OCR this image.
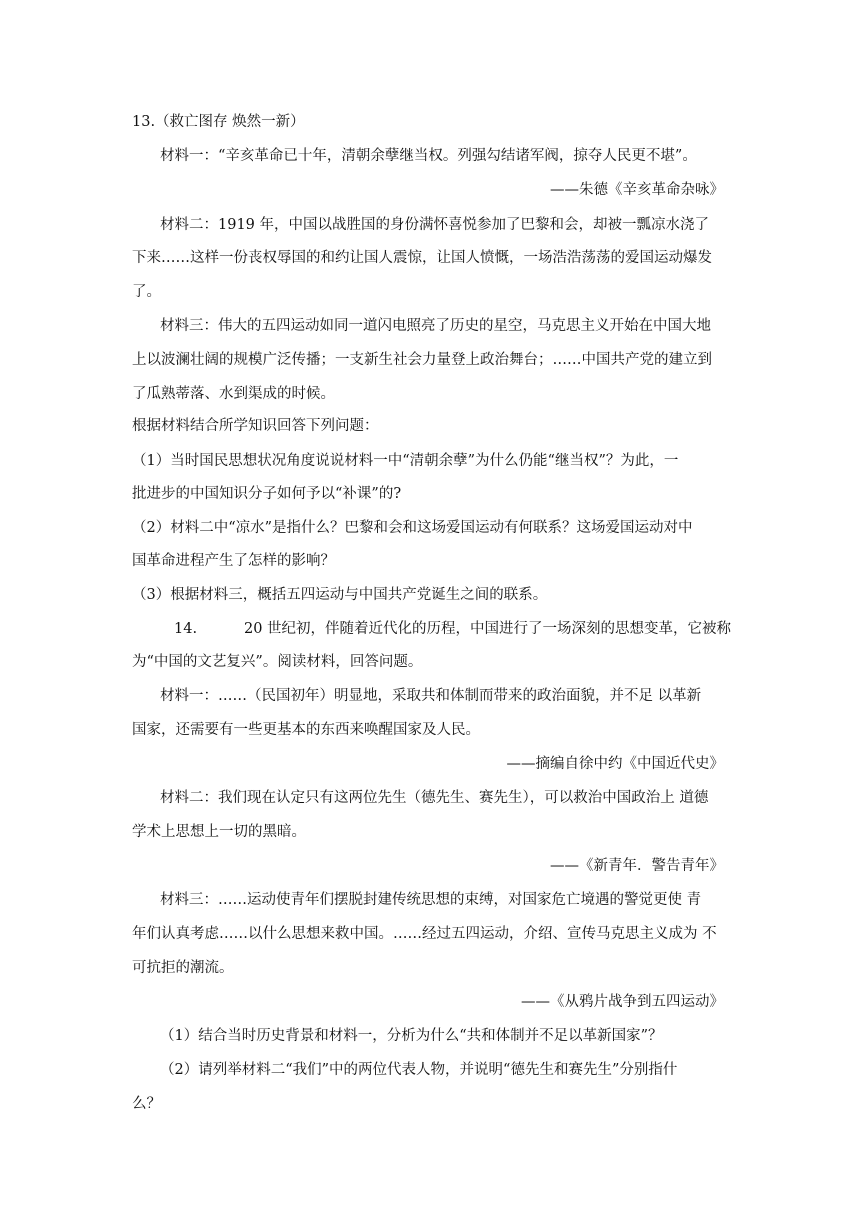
13.（救亡图存 焕然一新）
材料一：“辛亥革命已十年，清朝余孽继当权。列强勾结诸军阀，掠夺人民更不堪”。
——朱德《辛亥革命杂咏》
材料二：1919 年，中国以战胜国的身份满怀喜悦参加了巴黎和会，却被一瓢凉水浇了
下来……这样一份丧权辱国的和约让国人震惊，让国人愤慨，一场浩浩荡荡的爱国运动爆发
了。
材料三：伟大的五四运动如同一道闪电照亮了历史的星空，马克思主义开始在中国大地
上以波澜壮阔的规模广泛传播；一支新生社会力量登上政治舞台；……中国共产党的建立到
了瓜熟蒂落、水到渠成的时候。
根据材料结合所学知识回答下列问题：
（1）当时国民思想状况角度说说材料一中“清朝余孽”为什么仍能“继当权”？为此，一
批进步的中国知识分子如何予以“补课”的?
（2）材料二中“凉水”是指什么？巴黎和会和这场爱国运动有何联系？这场爱国运动对中
国革命进程产生了怎样的影响？
（3）根据材料三，概括五四运动与中国共产党诞生之间的联系。
14.	20 世纪初，伴随着近代化的历程，中国进行了一场深刻的思想变革，它被称
为“中国的文艺复兴”。阅读材料，回答问题。
材料一：……（民国初年）明显地，采取共和体制而带来的政治面貌，并不足 以革新
国家，还需要有一些更基本的东西来唤醒国家及人民。
——摘编自徐中约《中国近代史》
材料二：我们现在认定只有这两位先生（德先生、赛先生），可以救治中国政治上 道德
学术上思想上一切的黑暗。
——《新青年．警告青年》
材料三：……运动使青年们摆脱封建传统思想的束缚，对国家危亡境遇的警觉更使 青
年们认真考虑……以什么思想来救中国。……经过五四运动，介绍、宣传马克思主义成为 不
可抗拒的潮流。
——《从鸦片战争到五四运动》
（1）结合当时历史背景和材料一，分析为什么“共和体制并不足以革新国家”？
（2）请列举材料二“我们”中的两位代表人物，并说明“德先生和赛先生”分别指什
么？
